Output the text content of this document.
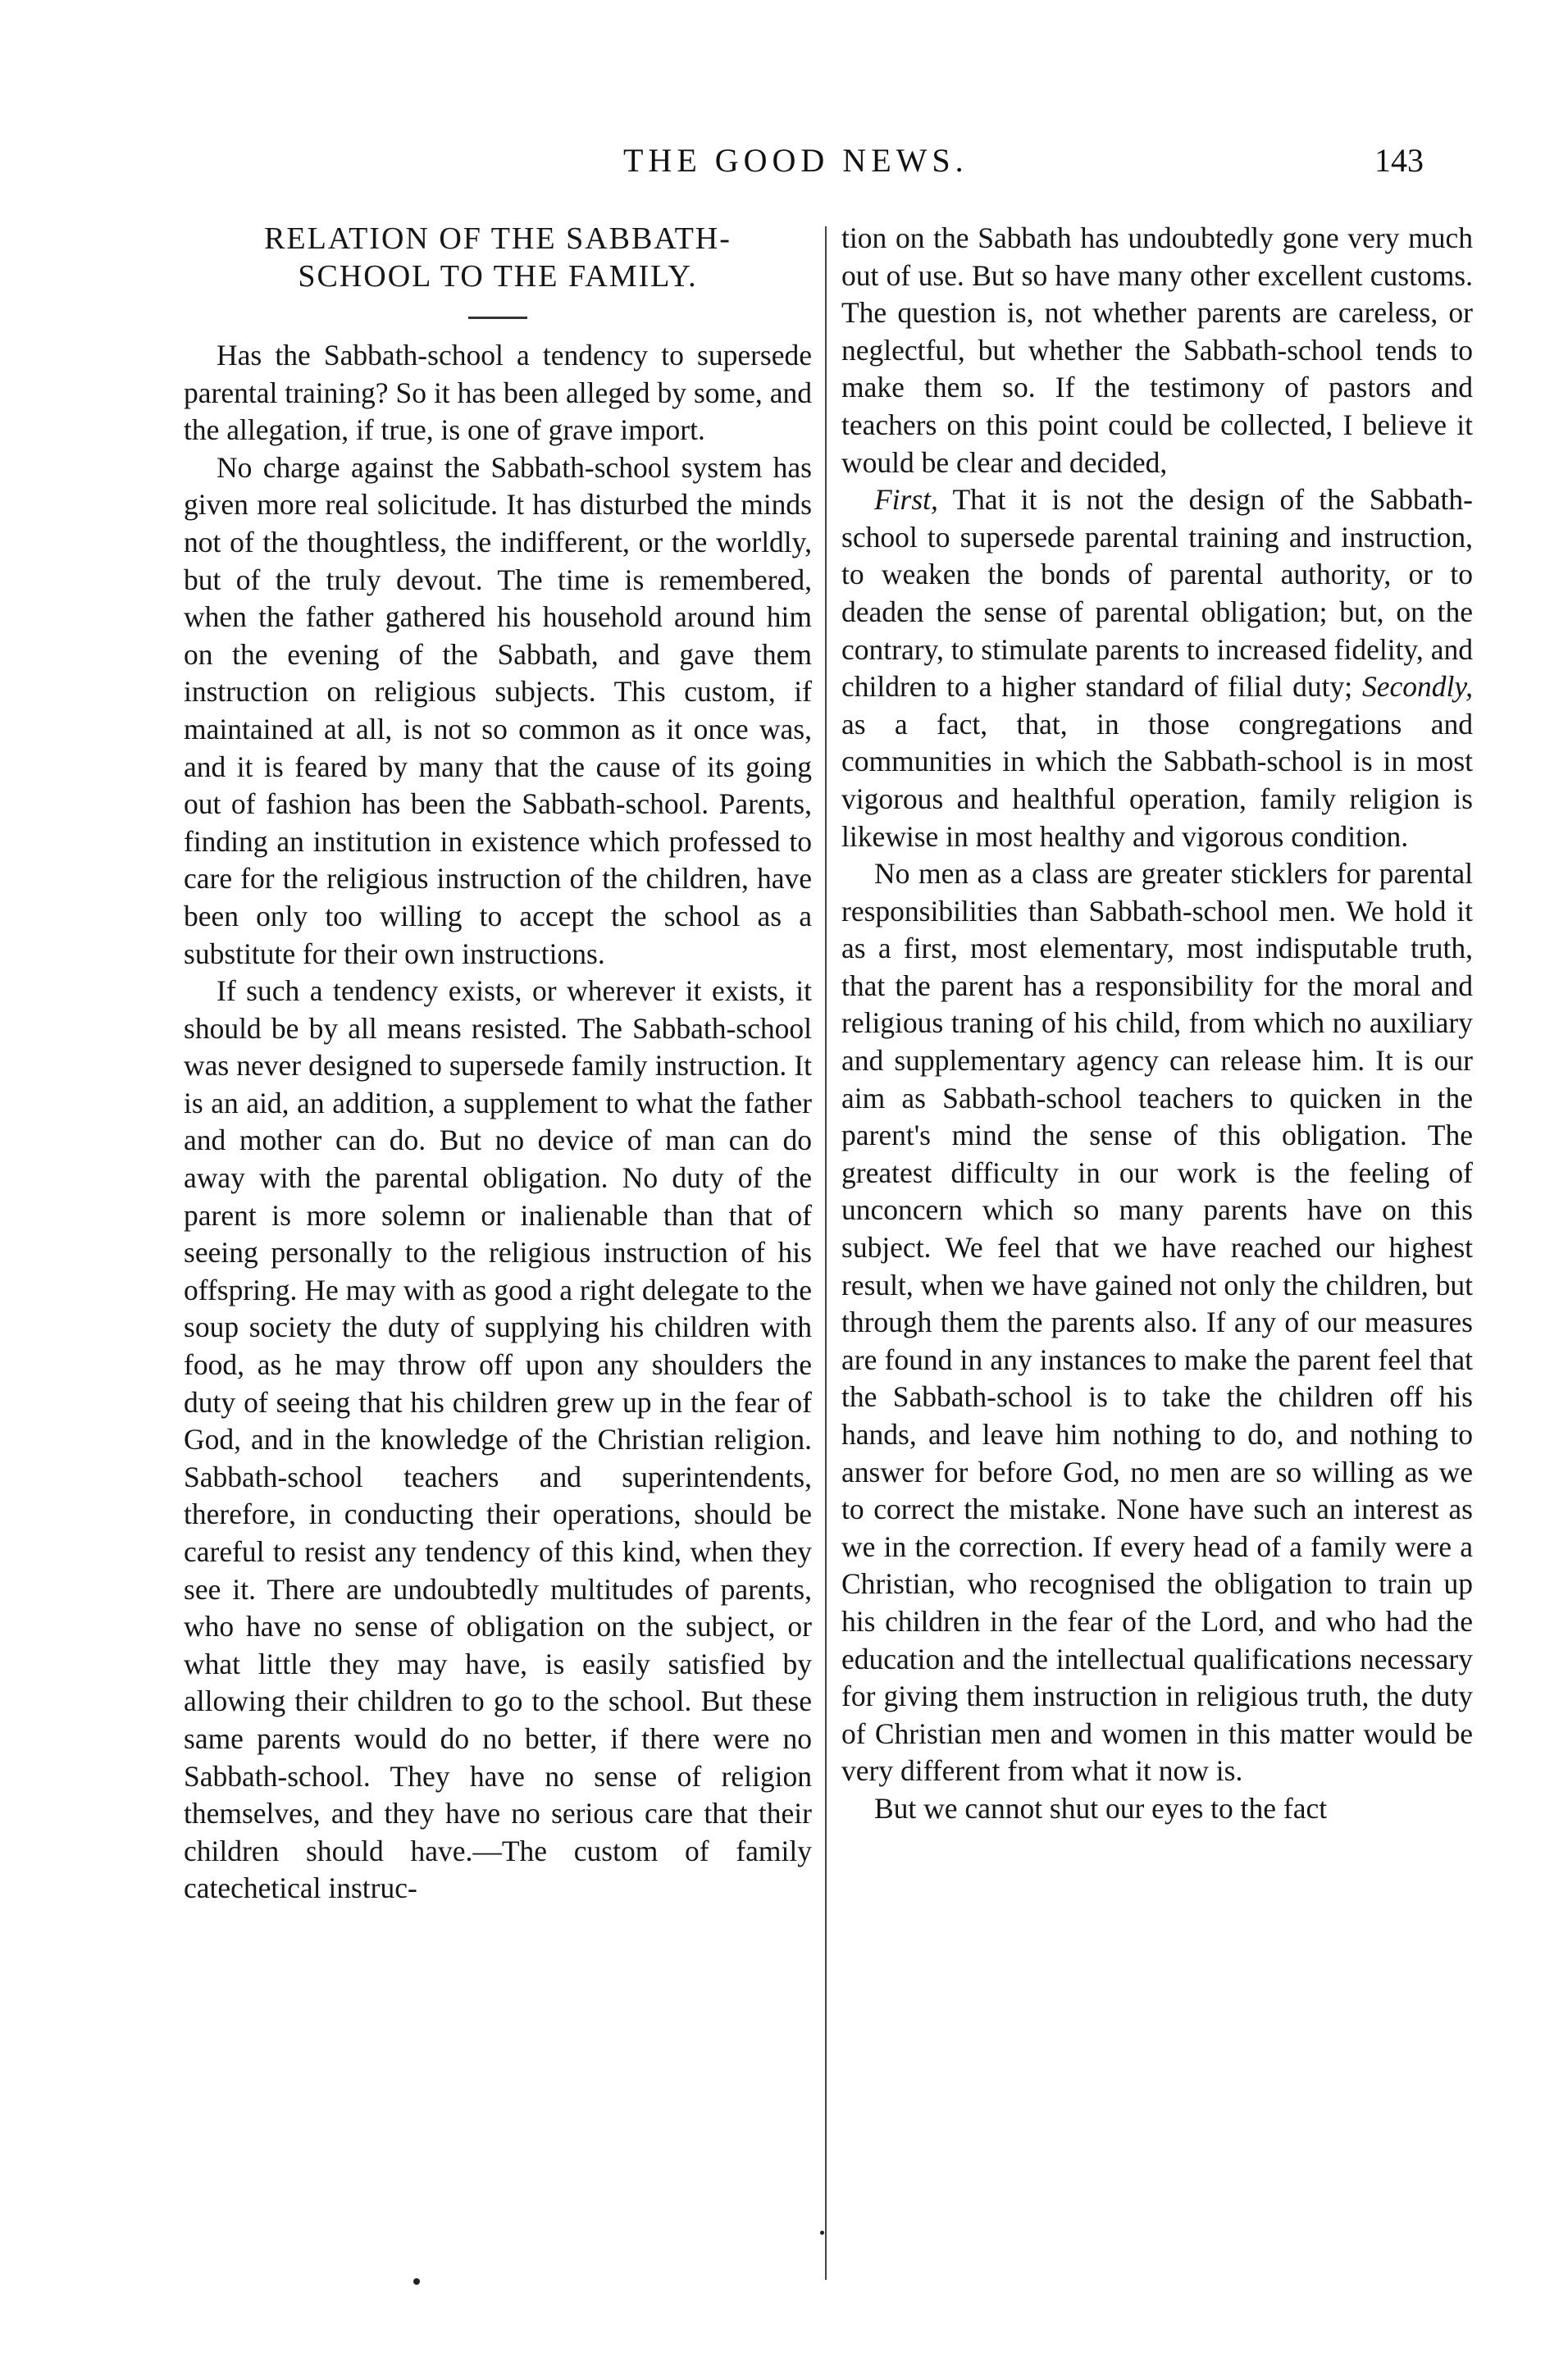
THE GOOD NEWS.	143
RELATION OF THE SABBATH-
SCHOOL TO THE FAMILY.

Has the Sabbath-school a tendency to supersede parental training? So it has been alleged by some, and the allegation, if true, is one of grave import.

No charge against the Sabbath-school system has given more real solicitude. It has disturbed the minds not of the thoughtless, the indifferent, or the worldly, but of the truly devout. The time is remembered, when the father gathered his household around him on the evening of the Sabbath, and gave them instruction on religious subjects. This custom, if maintained at all, is not so common as it once was, and it is feared by many that the cause of its going out of fashion has been the Sabbath-school. Parents, finding an institution in existence which professed to care for the religious instruction of the children, have been only too willing to accept the school as a substitute for their own instructions.

If such a tendency exists, or wherever it exists, it should be by all means resisted. The Sabbath-school was never designed to supersede family instruction. It is an aid, an addition, a supplement to what the father and mother can do. But no device of man can do away with the parental obligation. No duty of the parent is more solemn or inalienable than that of seeing personally to the religious instruction of his offspring. He may with as good a right delegate to the soup society the duty of supplying his children with food, as he may throw off upon any shoulders the duty of seeing that his children grew up in the fear of God, and in the knowledge of the Christian religion. Sabbath-school teachers and superintendents, therefore, in conducting their operations, should be careful to resist any tendency of this kind, when they see it. There are undoubtedly multitudes of parents, who have no sense of obligation on the subject, or what little they may have, is easily satisfied by allowing their children to go to the school. But these same parents would do no better, if there were no Sabbath-school. They have no sense of religion themselves, and they have no serious care that their children should have.—The custom of family catechetical instruc-

tion on the Sabbath has undoubtedly gone very much out of use. But so have many other excellent customs. The question is, not whether parents are careless, or neglectful, but whether the Sabbath-school tends to make them so. If the testimony of pastors and teachers on this point could be collected, I believe it would be clear and decided,

First, That it is not the design of the Sabbath-school to supersede parental training and instruction, to weaken the bonds of parental authority, or to deaden the sense of parental obligation; but, on the contrary, to stimulate parents to increased fidelity, and children to a higher standard of filial duty; Secondly, as a fact, that, in those congregations and communities in which the Sabbath-school is in most vigorous and healthful operation, family religion is likewise in most healthy and vigorous condition.

No men as a class are greater sticklers for parental responsibilities than Sabbath-school men. We hold it as a first, most elementary, most indisputable truth, that the parent has a responsibility for the moral and religious traning of his child, from which no auxiliary and supplementary agency can release him. It is our aim as Sabbath-school teachers to quicken in the parent's mind the sense of this obligation. The greatest difficulty in our work is the feeling of unconcern which so many parents have on this subject. We feel that we have reached our highest result, when we have gained not only the children, but through them the parents also. If any of our measures are found in any instances to make the parent feel that the Sabbath-school is to take the children off his hands, and leave him nothing to do, and nothing to answer for before God, no men are so willing as we to correct the mistake. None have such an interest as we in the correction. If every head of a family were a Christian, who recognised the obligation to train up his children in the fear of the Lord, and who had the education and the intellectual qualifications necessary for giving them instruction in religious truth, the duty of Christian men and women in this matter would be very different from what it now is.

But we cannot shut our eyes to the fact
